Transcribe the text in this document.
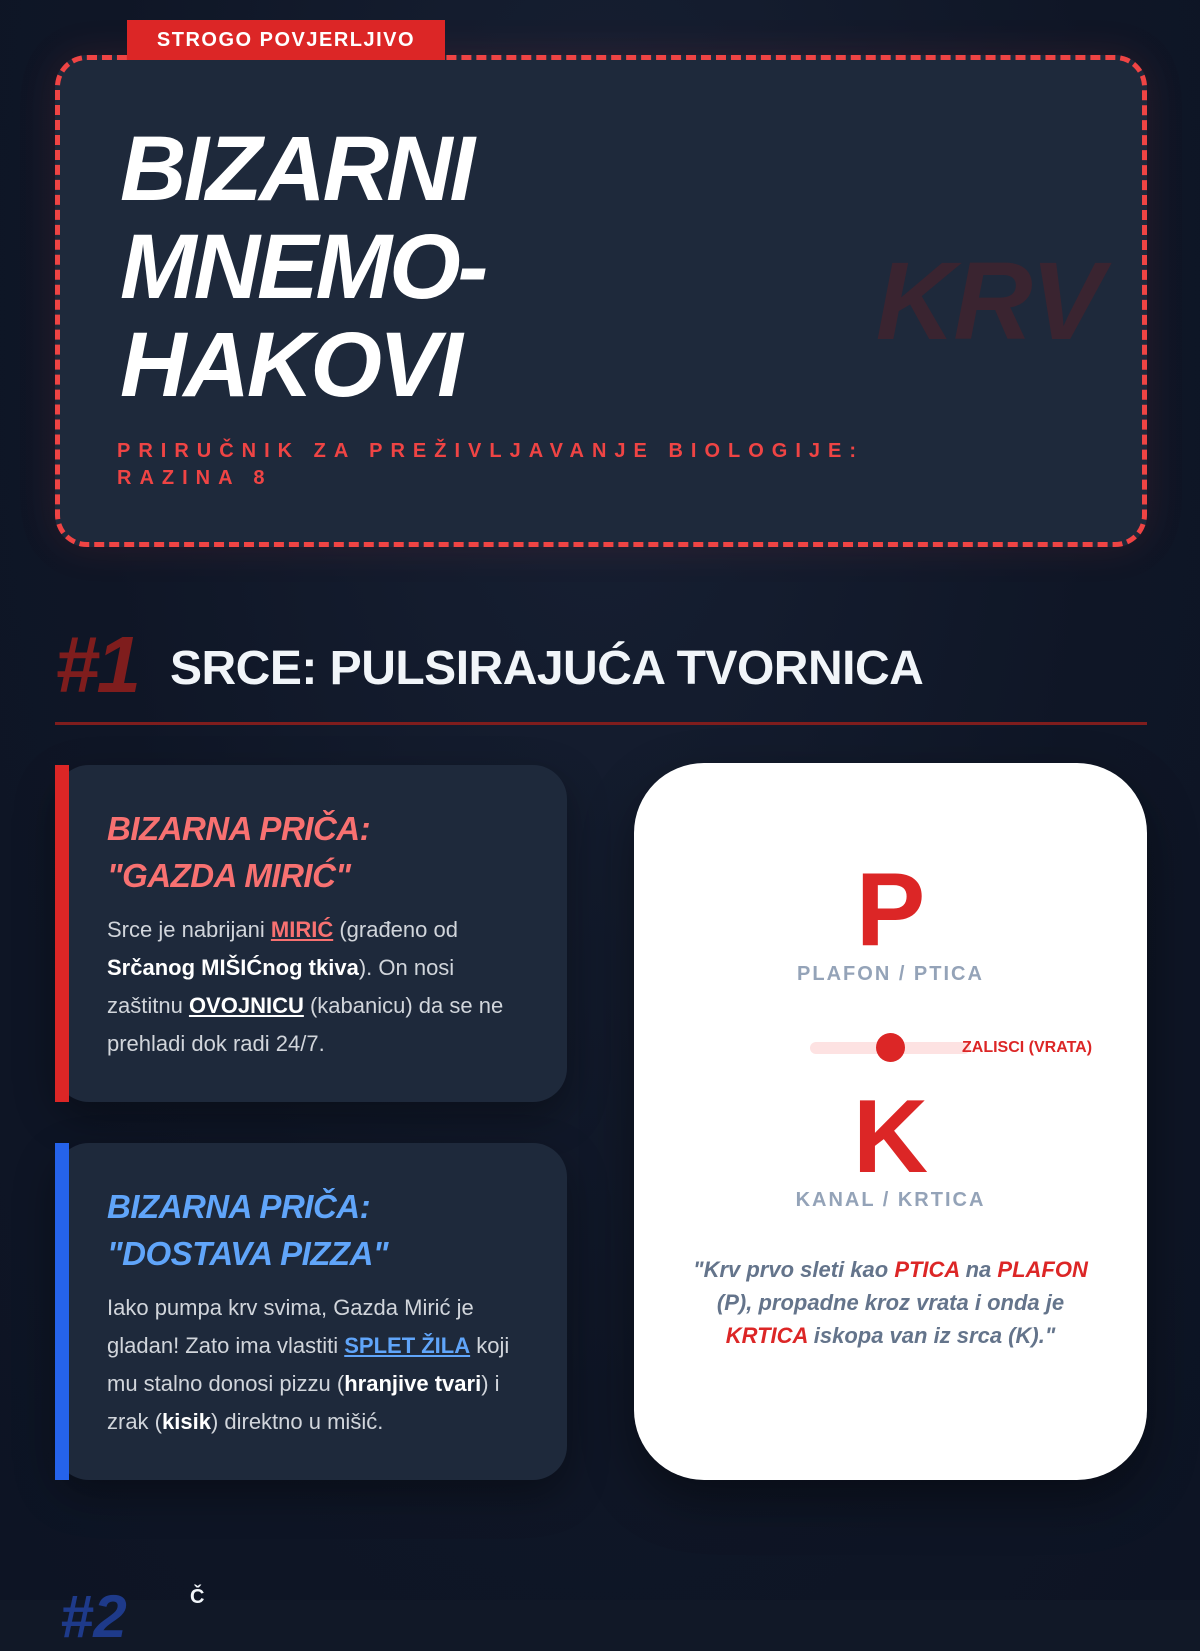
STROGO POVJERLJIVO
BIZARNI
MNEMO-
HAKOVI
KRV
PRIRUČNIK ZA PREŽIVLJAVANJE BIOLOGIJE: RAZINA 8
#1 SRCE: PULSIRAJUĆA TVORNICA
BIZARNA PRIČA:
"GAZDA MIRIĆ"
Srce je nabrijani MIRIĆ (građeno od Srčanog MIŠIĆnog tkiva). On nosi zaštitnu OVOJNICU (kabanicu) da se ne prehladi dok radi 24/7.
BIZARNA PRIČA:
"DOSTAVA PIZZA"
Iako pumpa krv svima, Gazda Mirić je gladan! Zato ima vlastiti SPLET ŽILA koji mu stalno donosi pizzu (hranjive tvari) i zrak (kisik) direktno u mišić.
P
PLAFON / PTICA
ZALISCI (VRATA)
K
KANAL / KRTICA
"Krv prvo sleti kao PTICA na PLAFON (P), propadne kroz vrata i onda je KRTICA iskopa van iz srca (K)."
#2
